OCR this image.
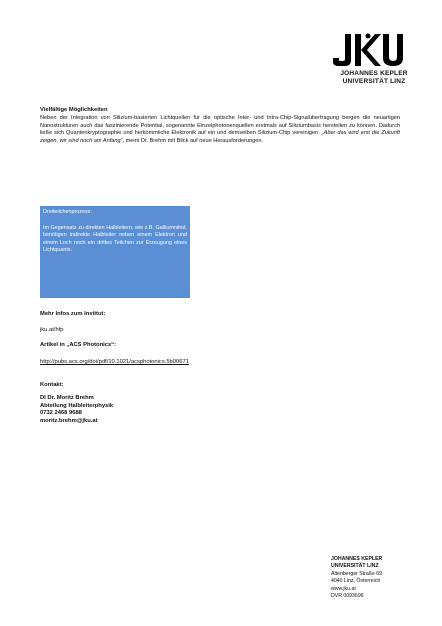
JOHANNES KEPLER
UNIVERSITÄT LINZ
Vielfältige Möglichkeiten
Neben der Integration von Silizium-basierten Lichtquellen für die optische Inter- und Intra-Chip-Signalübertragung bergen die neuartigen Nanostrukturen auch das faszinierende Potential, sogenannte Einzelphotonenquellen erstmals auf Siliziumbasis herstellen zu können. Dadurch ließe sich Quantenkryptographie und herkömmliche Elektronik auf ein und demselben Silizium-Chip vereinigen. „Aber das wird erst die Zukunft zeigen, wir sind noch am Anfang“, meint Dr. Brehm mit Blick auf neue Herausforderungen.
Dreiteilchenprozess:
Im Gegensatz zu direkten Halbleitern, wie z.B. Galliumnitrid, benötigen indirekte Halbleiter neben einem Elektron und einem Loch noch ein drittes Teilchen zur Erzeugung eines Lichtquants.
Mehr Infos zum Institut:
jku.at/hfp
Artikel in „ACS Photonics“:
http://pubs.acs.org/doi/pdf/10.1021/acsphotonics.5b00671
Kontakt:
DI Dr. Moritz Brehm
Abteilung Halbleiterphysik
0732 2468 9688
moritz.brehm@jku.at
JOHANNES KEPLER
UNIVERSITÄT LINZ
Altenberger Straße 69
4040 Linz, Österreich
www.jku.at
DVR 0093696
